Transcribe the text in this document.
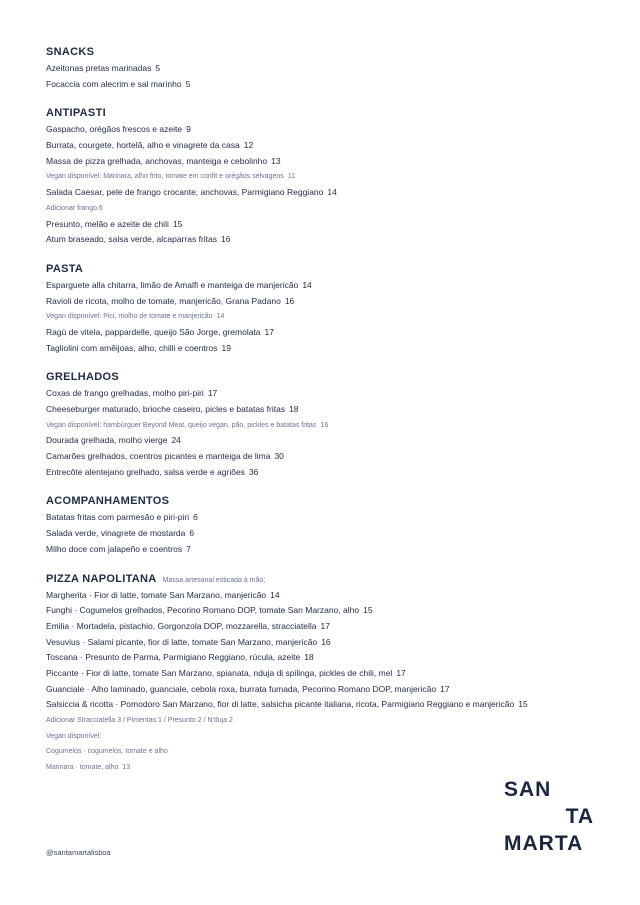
SNACKS
Azeitonas pretas marinadas 5
Focaccia com alecrim e sal marinho 5
ANTIPASTI
Gaspacho, orégãos frescos e azeite 9
Burrata, courgete, hortelã, alho e vinagrete da casa 12
Massa de pizza grelhada, anchovas, manteiga e cebolinho 13
Vegan disponível: Marinara, alho frito, tomate em confit e orégãos selvagens 11
Salada Caesar, pele de frango crocante, anchovas, Parmigiano Reggiano 14
Adicionar frango 6
Presunto, melão e azeite de chili 15
Atum braseado, salsa verde, alcaparras fritas 16
PASTA
Esparguete alla chitarra, limão de Amalfi e manteiga de manjericão 14
Ravioli de ricota, molho de tomate, manjericão, Grana Padano 16
Vegan disponível: Pici, molho de tomate e manjericão 14
Ragù de vitela, pappardelle, queijo São Jorge, gremolata 17
Tagliolini com amêijoas, alho, chilli e coentros 19
GRELHADOS
Coxas de frango grelhadas, molho piri-piri 17
Cheeseburger maturado, brioche caseiro, picles e batatas fritas 18
Vegan disponível: hambúrguer Beyond Meat, queijo vegan, pão, pickles e batatas fritas 16
Dourada grelhada, molho vierge 24
Camarões grelhados, coentros picantes e manteiga de lima 30
Entrecôte alentejano grelhado, salsa verde e agriões 36
ACOMPANHAMENTOS
Batatas fritas com parmesão e piri-piri 6
Salada verde, vinagrete de mostarda 6
Milho doce com jalapeño e coentros 7
PIZZA NAPOLITANA Massa artesanal esticada à mão;
Margherita · Fior di latte, tomate San Marzano, manjericão 14
Funghi · Cogumelos grelhados, Pecorino Romano DOP, tomate San Marzano, alho 15
Emilia · Mortadela, pistachio, Gorgonzola DOP, mozzarella, stracciatella 17
Vesuvius · Salami picante, fior di latte, tomate San Marzano, manjericão 16
Toscana · Presunto de Parma, Parmigiano Reggiano, rúcula, azeite 18
Piccante · Fior di latte, tomate San Marzano, spianata, nduja di spilinga, pickles de chili, mel 17
Guanciale · Alho laminado, guanciale, cebola roxa, burrata fumada, Pecorino Romano DOP, manjericão 17
Salsiccia & ricotta · Pomodoro San Marzano, fior di latte, salsicha picante italiana, ricota, Parmigiano Reggiano e manjericão 15
Adicionar Stracciatella 3 / Pimentas 1 / Presunto 2 / N'duja 2
Vegan disponível:
Cogumelos · cogumelos, tomate e alho
Marinara · tomate, alho 13
@santamartalisboa
SAN
TA
MARTA
